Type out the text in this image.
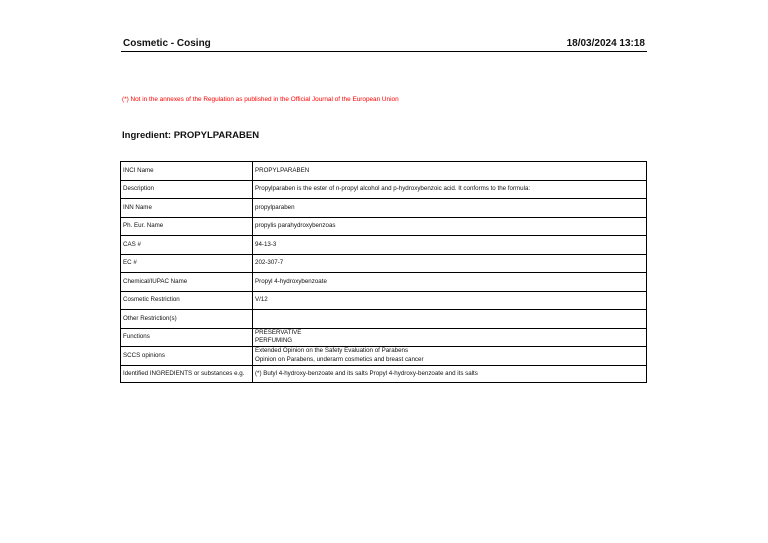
Cosmetic - Cosing	18/03/2024 13:18
(*) Not in the annexes of the Regulation as published in the Official Journal of the European Union
Ingredient: PROPYLPARABEN
INCI Name	PROPYLPARABEN
Description	Propylparaben is the ester of n-propyl alcohol and p-hydroxybenzoic acid. It conforms to the formula:
INN Name	propylparaben
Ph. Eur. Name	propylis parahydroxybenzoas
CAS #	94-13-3
EC #	202-307-7
Chemical/IUPAC Name	Propyl 4-hydroxybenzoate
Cosmetic Restriction	V/12
Other Restriction(s)	
Functions	PRESERVATIVE
PERFUMING

SCCS opinions	Extended Opinion on the Safety Evaluation of Parabens
Opinion on Parabens, underarm cosmetics and breast cancer

Identified INGREDIENTS or substances e.g.	(*) Butyl 4-hydroxy-benzoate and its salts Propyl 4-hydroxy-benzoate and its salts
